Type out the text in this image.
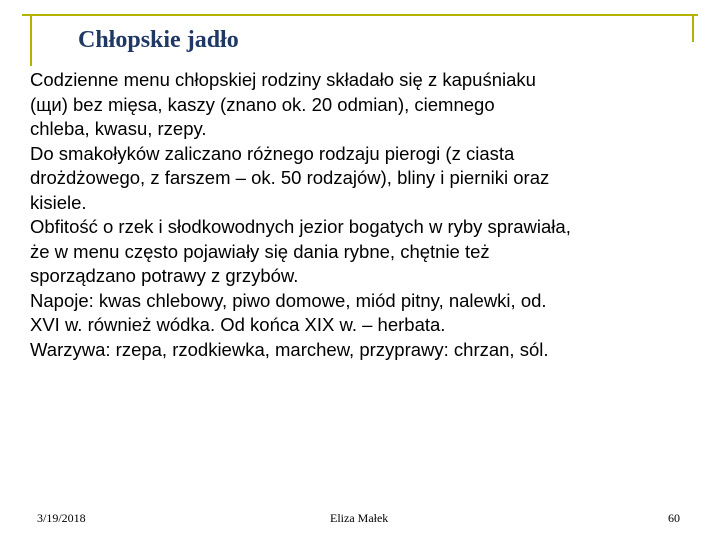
Chłopskie jadło

Codzienne menu chłopskiej rodziny składało się z kapuśniaku
(щи) bez mięsa, kaszy (znano ok. 20 odmian), ciemnego
chleba, kwasu, rzepy.

Do smakołyków zaliczano różnego rodzaju pierogi (z ciasta
drożdżowego, z farszem – ok. 50 rodzajów), bliny i pierniki oraz
kisiele.

Obfitość o rzek i słodkowodnych jezior bogatych w ryby sprawiała,
że w menu często pojawiały się dania rybne, chętnie też
sporządzano potrawy z grzybów.

Napoje: kwas chlebowy, piwo domowe, miód pitny, nalewki, od.
XVI w. również wódka. Od końca XIX w. – herbata.

Warzywa: rzepa, rzodkiewka, marchew, przyprawy: chrzan, sól.

3/19/2018	Eliza Małek	60
